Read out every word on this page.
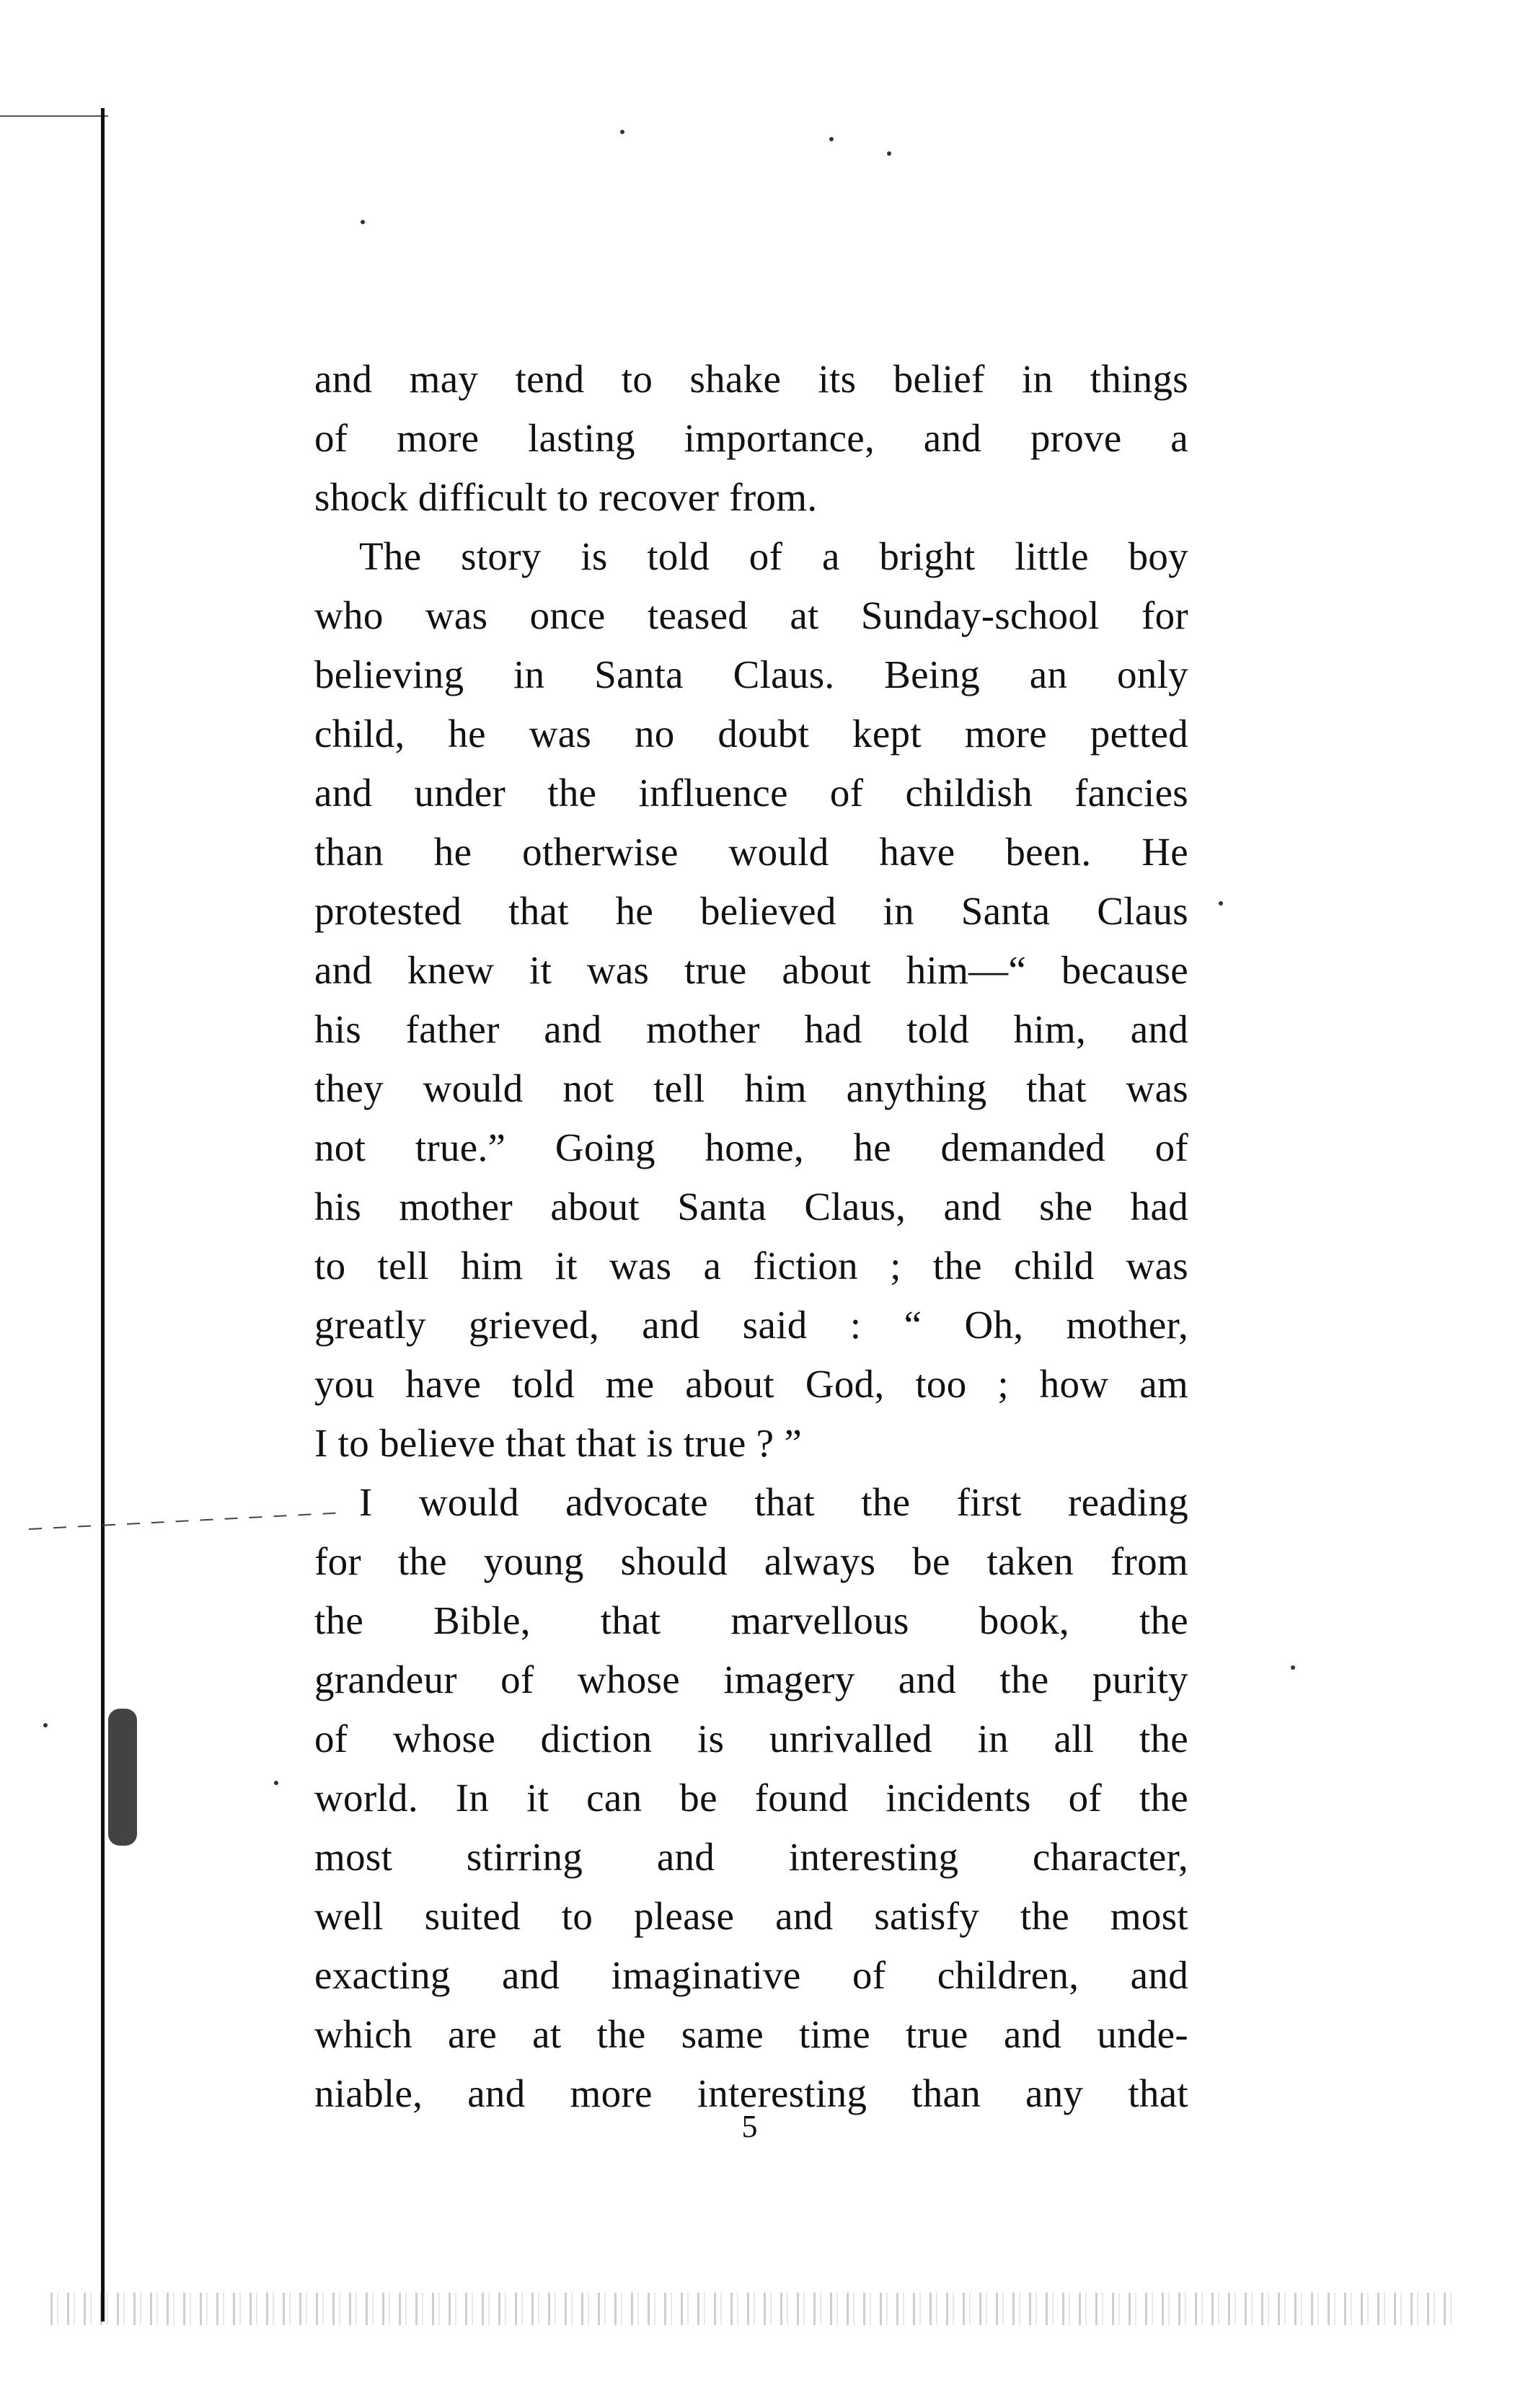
and may tend to shake its belief in things
of more lasting importance, and prove a
shock difficult to recover from.
The story is told of a bright little boy
who was once teased at Sunday-school for
believing in Santa Claus. Being an only
child, he was no doubt kept more petted
and under the influence of childish fancies
than he otherwise would have been. He
protested that he believed in Santa Claus
and knew it was true about him—“ because
his father and mother had told him, and
they would not tell him anything that was
not true.” Going home, he demanded of
his mother about Santa Claus, and she had
to tell him it was a fiction ; the child was
greatly grieved, and said : “ Oh, mother,
you have told me about God, too ; how am
I to believe that that is true ? ”
I would advocate that the first reading
for the young should always be taken from
the Bible, that marvellous book, the
grandeur of whose imagery and the purity
of whose diction is unrivalled in all the
world. In it can be found incidents of the
most stirring and interesting character,
well suited to please and satisfy the most
exacting and imaginative of children, and
which are at the same time true and unde-
niable, and more interesting than any that
5
